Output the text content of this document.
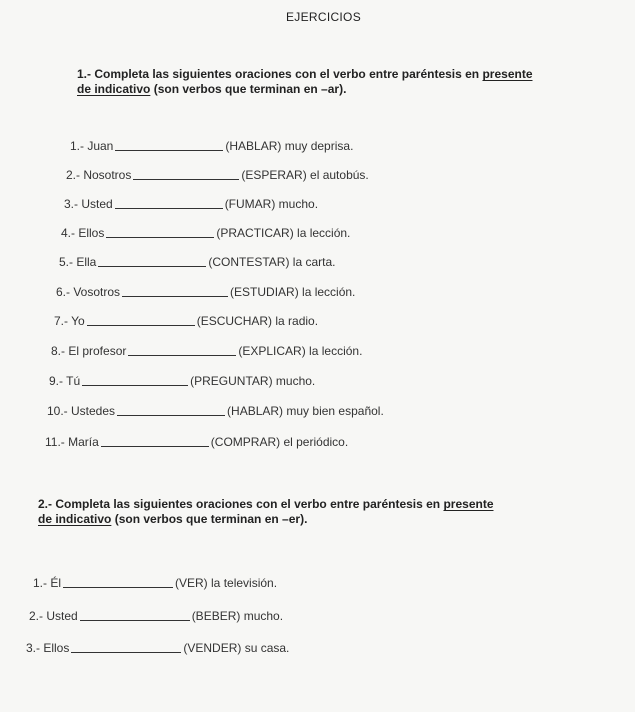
EJERCICIOS
1.- Completa las siguientes oraciones con el verbo entre paréntesis en presente
de indicativo (son verbos que terminan en –ar).
1.- Juan	(HABLAR) muy deprisa.
2.- Nosotros	(ESPERAR) el autobús.
3.- Usted	(FUMAR) mucho.
4.- Ellos	(PRACTICAR) la lección.
5.- Ella	(CONTESTAR) la carta.
6.- Vosotros	(ESTUDIAR) la lección.
7.- Yo	(ESCUCHAR) la radio.
8.- El profesor	(EXPLICAR) la lección.
9.- Tú	(PREGUNTAR) mucho.
10.- Ustedes	(HABLAR) muy bien español.
11.- María	(COMPRAR) el periódico.
2.- Completa las siguientes oraciones con el verbo entre paréntesis en presente
de indicativo (son verbos que terminan en –er).
1.- Él	(VER) la televisión.
2.- Usted	(BEBER) mucho.
3.- Ellos	(VENDER) su casa.
